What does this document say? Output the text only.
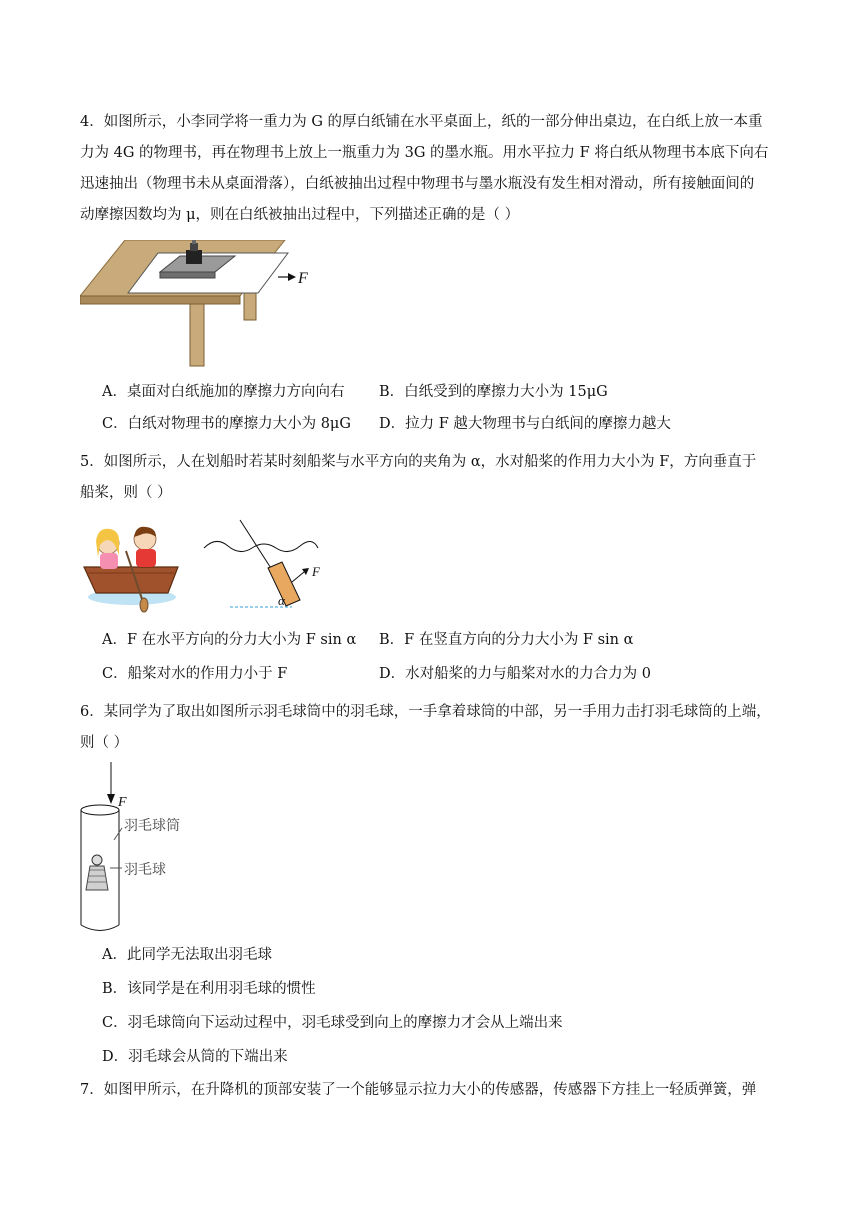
4．如图所示，小李同学将一重力为 G 的厚白纸铺在水平桌面上，纸的一部分伸出桌边，在白纸上放一本重
力为 4G 的物理书，再在物理书上放上一瓶重力为 3G 的墨水瓶。用水平拉力 F 将白纸从物理书本底下向右
迅速抽出（物理书未从桌面滑落），白纸被抽出过程中物理书与墨水瓶没有发生相对滑动，所有接触面间的
动摩擦因数均为 μ，则在白纸被抽出过程中，下列描述正确的是（ ）
F
A．桌面对白纸施加的摩擦力方向向右 B．白纸受到的摩擦力大小为 15μG
C．白纸对物理书的摩擦力大小为 8μG D．拉力 F 越大物理书与白纸间的摩擦力越大
5．如图所示，人在划船时若某时刻船桨与水平方向的夹角为 α，水对船桨的作用力大小为 F，方向垂直于
船桨，则（ ）
F
α
A．F 在水平方向的分力大小为 F sin α B．F 在竖直方向的分力大小为 F sin α
C．船桨对水的作用力小于 F	D．水对船桨的力与船桨对水的力合力为 0
6．某同学为了取出如图所示羽毛球筒中的羽毛球，一手拿着球筒的中部，另一手用力击打羽毛球筒的上端，
则（ ）
F
羽毛球筒
羽毛球
A．此同学无法取出羽毛球
B．该同学是在利用羽毛球的惯性
C．羽毛球筒向下运动过程中，羽毛球受到向上的摩擦力才会从上端出来
D．羽毛球会从筒的下端出来
7．如图甲所示，在升降机的顶部安装了一个能够显示拉力大小的传感器，传感器下方挂上一轻质弹簧，弹
